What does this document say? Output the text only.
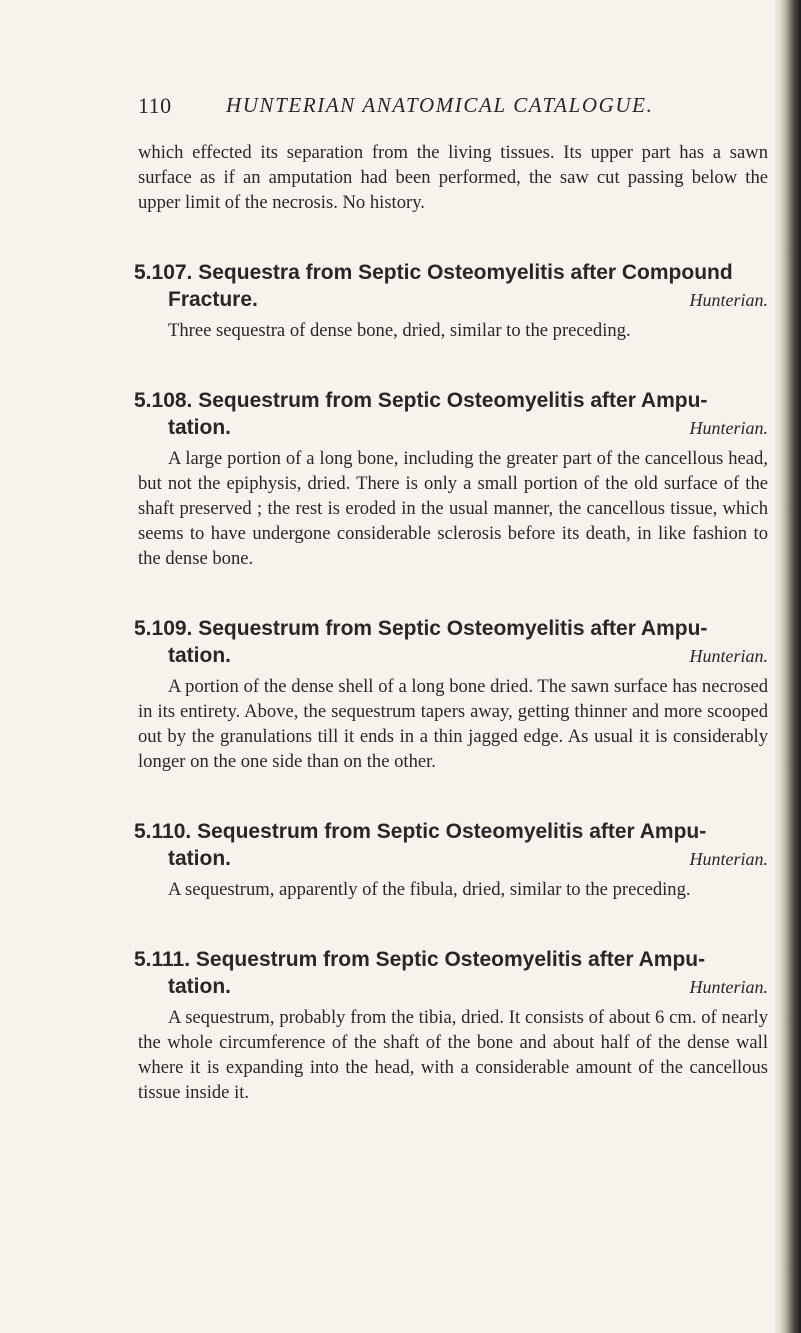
110	HUNTERIAN ANATOMICAL CATALOGUE.

which effected its separation from the living tissues. Its upper part has a sawn surface as if an amputation had been performed, the saw cut passing below the upper limit of the necrosis. No history.

5.107. Sequestra from Septic Osteomyelitis after Compound
Fracture.	Hunterian.

Three sequestra of dense bone, dried, similar to the preceding.

5.108. Sequestrum from Septic Osteomyelitis after Ampu-
tation.	Hunterian.

A large portion of a long bone, including the greater part of the cancellous head, but not the epiphysis, dried. There is only a small portion of the old surface of the shaft preserved ; the rest is eroded in the usual manner, the cancellous tissue, which seems to have undergone considerable sclerosis before its death, in like fashion to the dense bone.

5.109. Sequestrum from Septic Osteomyelitis after Ampu-
tation.	Hunterian.

A portion of the dense shell of a long bone dried. The sawn surface has necrosed in its entirety. Above, the sequestrum tapers away, getting thinner and more scooped out by the granulations till it ends in a thin jagged edge. As usual it is considerably longer on the one side than on the other.

5.110. Sequestrum from Septic Osteomyelitis after Ampu-
tation.	Hunterian.

A sequestrum, apparently of the fibula, dried, similar to the preceding.

5.111. Sequestrum from Septic Osteomyelitis after Ampu-
tation.	Hunterian.

A sequestrum, probably from the tibia, dried. It consists of about 6 cm. of nearly the whole circumference of the shaft of the bone and about half of the dense wall where it is expanding into the head, with a considerable amount of the cancellous tissue inside it.
